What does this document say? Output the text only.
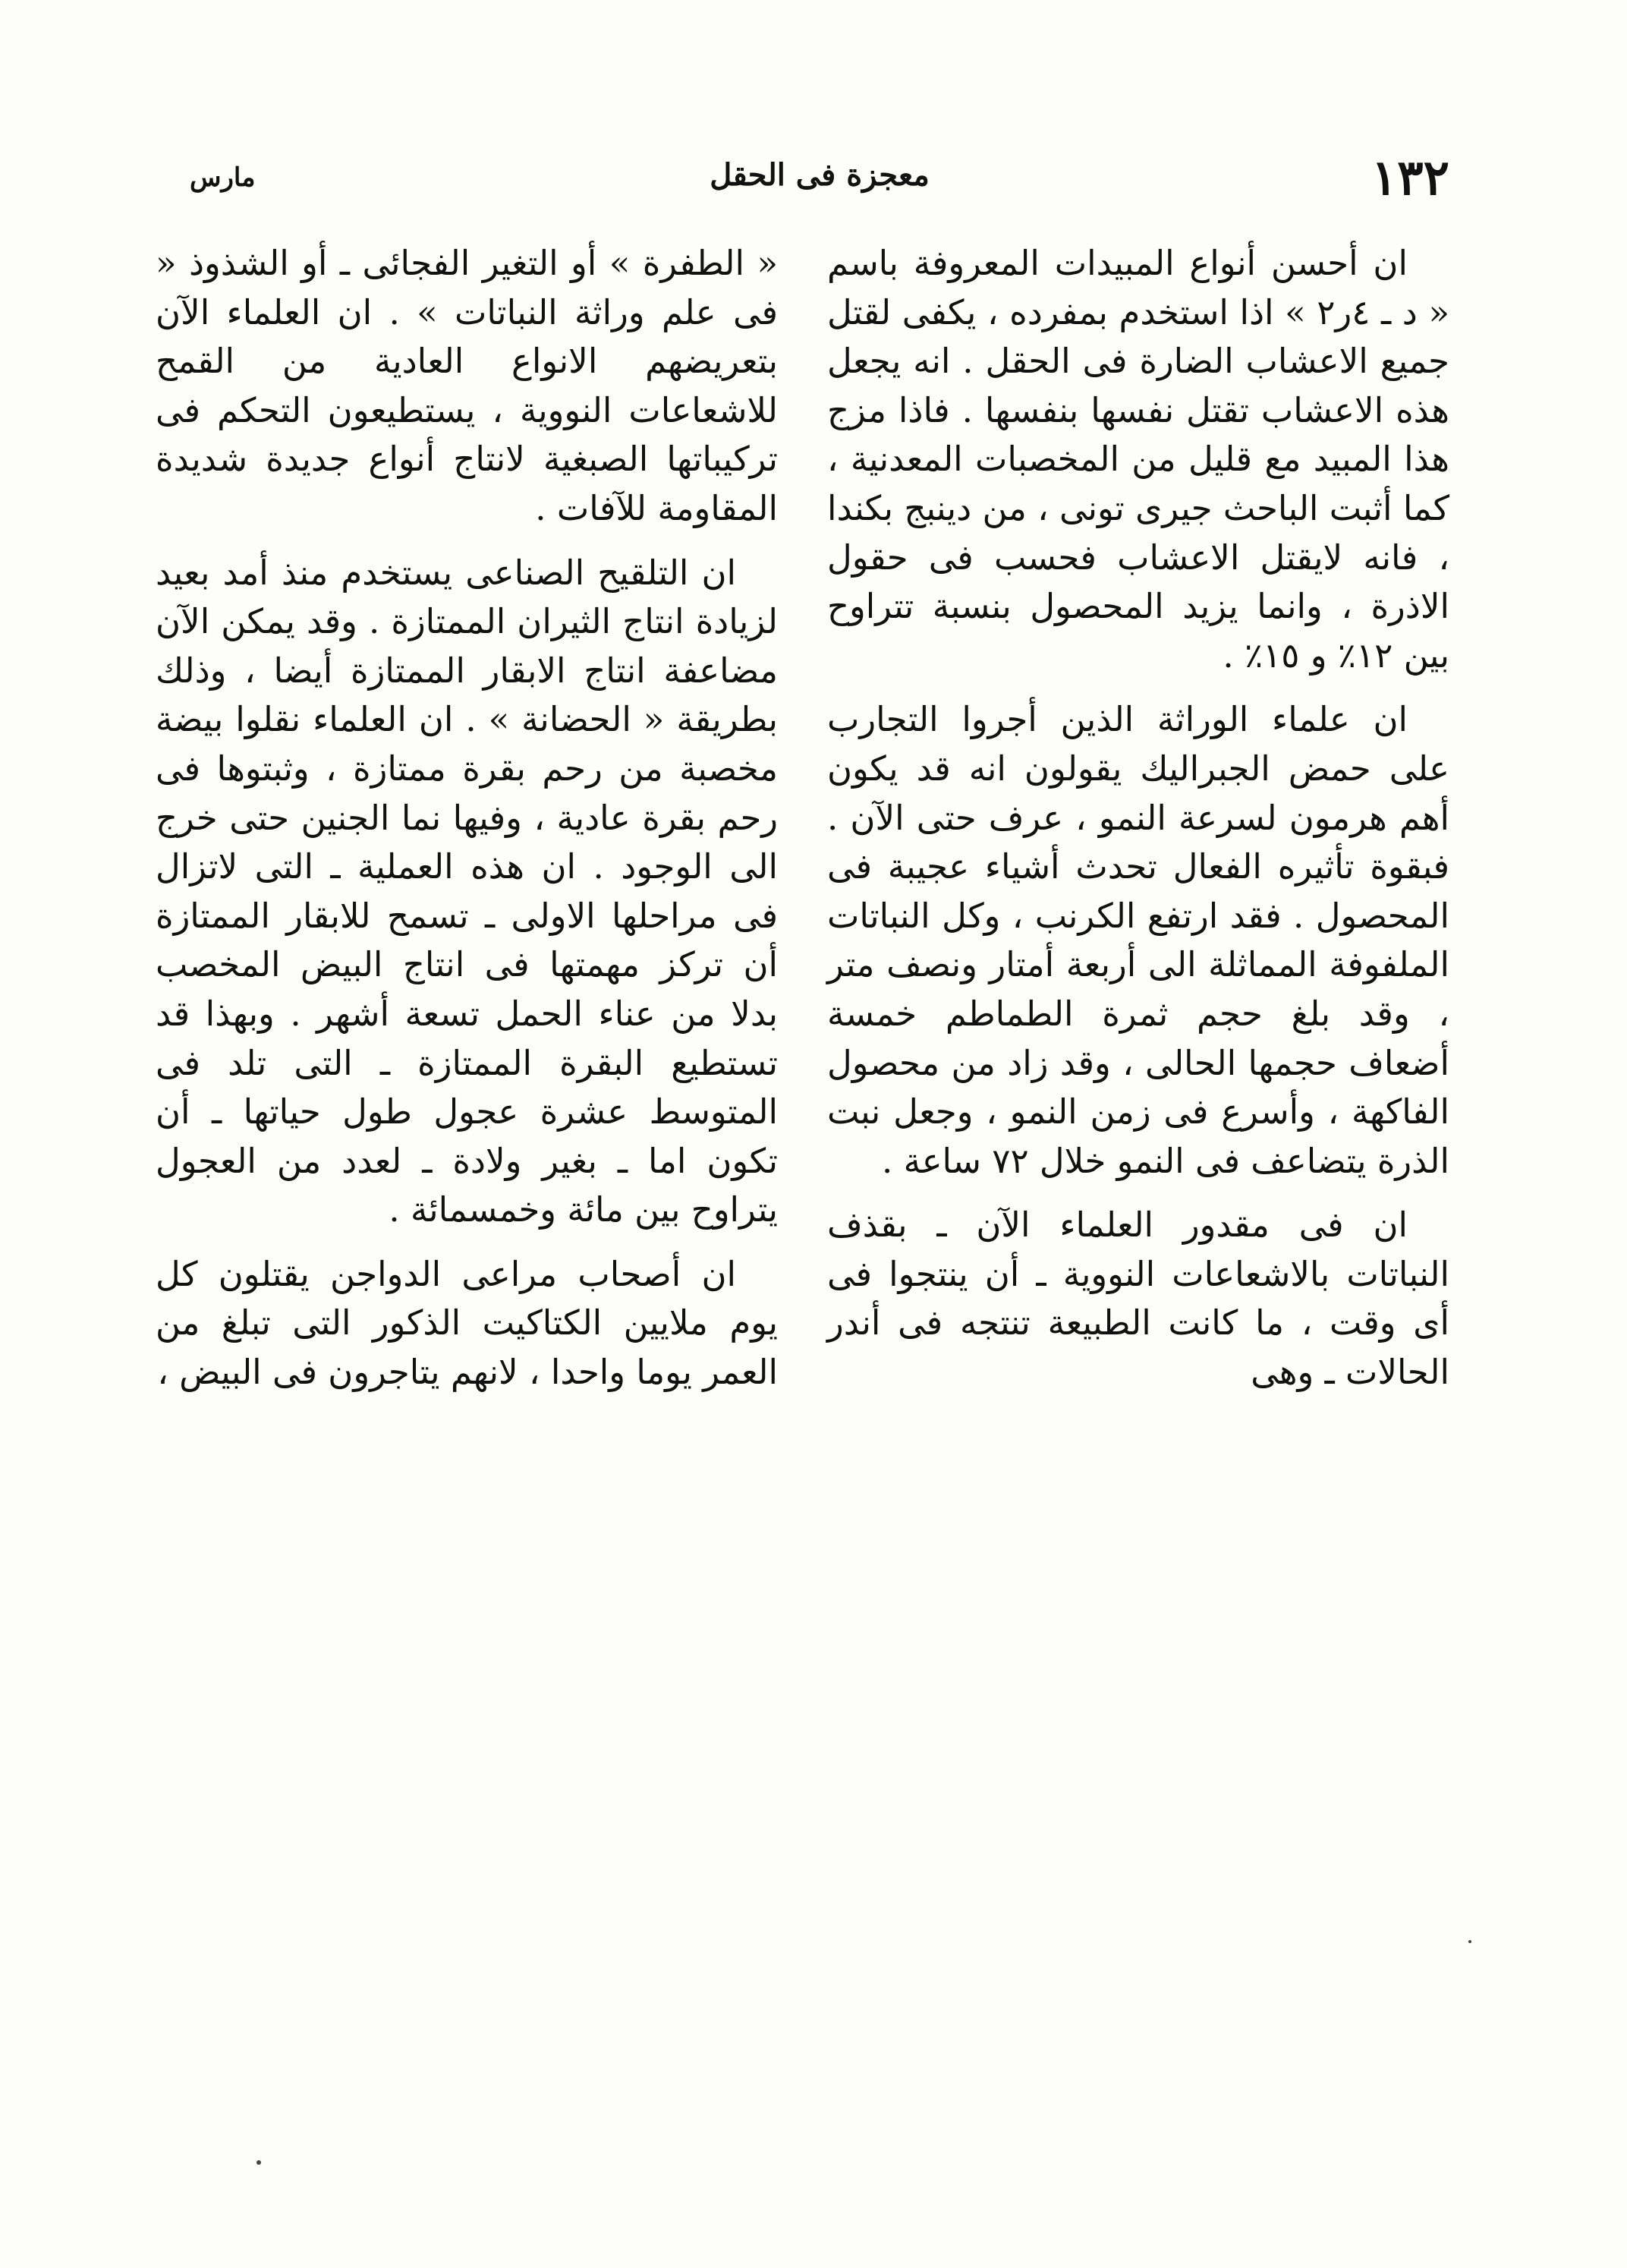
١٣٢
معجزة فى الحقل
مارس

ان أحسن أنواع المبيدات المعروفة باسم « د ـ ٤ر٢ » اذا استخدم بمفرده ، يكفى لقتل جميع الاعشاب الضارة فى الحقل . انه يجعل هذه الاعشاب تقتل نفسها بنفسها . فاذا مزج هذا المبيد مع قليل من المخصبات المعدنية ، كما أثبت الباحث جيرى تونى ، من دينبج بكندا ، فانه لايقتل الاعشاب فحسب فى حقول الاذرة ، وانما يزيد المحصول بنسبة تتراوح بين ١٢٪ و ١٥٪ .

ان علماء الوراثة الذين أجروا التجارب على حمض الجبراليك يقولون انه قد يكون أهم هرمون لسرعة النمو ، عرف حتى الآن . فبقوة تأثيره الفعال تحدث أشياء عجيبة فى المحصول . فقد ارتفع الكرنب ، وكل النباتات الملفوفة المماثلة الى أربعة أمتار ونصف متر ، وقد بلغ حجم ثمرة الطماطم خمسة أضعاف حجمها الحالى ، وقد زاد من محصول الفاكهة ، وأسرع فى زمن النمو ، وجعل نبت الذرة يتضاعف فى النمو خلال ٧٢ ساعة .

ان فى مقدور العلماء الآن ـ بقذف النباتات بالاشعاعات النووية ـ أن ينتجوا فى أى وقت ، ما كانت الطبيعة تنتجه فى أندر الحالات ـ وهى

« الطفرة » أو التغير الفجائى ـ أو الشذوذ « فى علم وراثة النباتات » . ان العلماء الآن بتعريضهم الانواع العادية من القمح للاشعاعات النووية ، يستطيعون التحكم فى تركيباتها الصبغية لانتاج أنواع جديدة شديدة المقاومة للآفات .

ان التلقيح الصناعى يستخدم منذ أمد بعيد لزيادة انتاج الثيران الممتازة . وقد يمكن الآن مضاعفة انتاج الابقار الممتازة أيضا ، وذلك بطريقة « الحضانة » . ان العلماء نقلوا بيضة مخصبة من رحم بقرة ممتازة ، وثبتوها فى رحم بقرة عادية ، وفيها نما الجنين حتى خرج الى الوجود . ان هذه العملية ـ التى لاتزال فى مراحلها الاولى ـ تسمح للابقار الممتازة أن تركز مهمتها فى انتاج البيض المخصب بدلا من عناء الحمل تسعة أشهر . وبهذا قد تستطيع البقرة الممتازة ـ التى تلد فى المتوسط عشرة عجول طول حياتها ـ أن تكون اما ـ بغير ولادة ـ لعدد من العجول يتراوح بين مائة وخمسمائة .

ان أصحاب مراعى الدواجن يقتلون كل يوم ملايين الكتاكيت الذكور التى تبلغ من العمر يوما واحدا ، لانهم يتاجرون فى البيض ،
